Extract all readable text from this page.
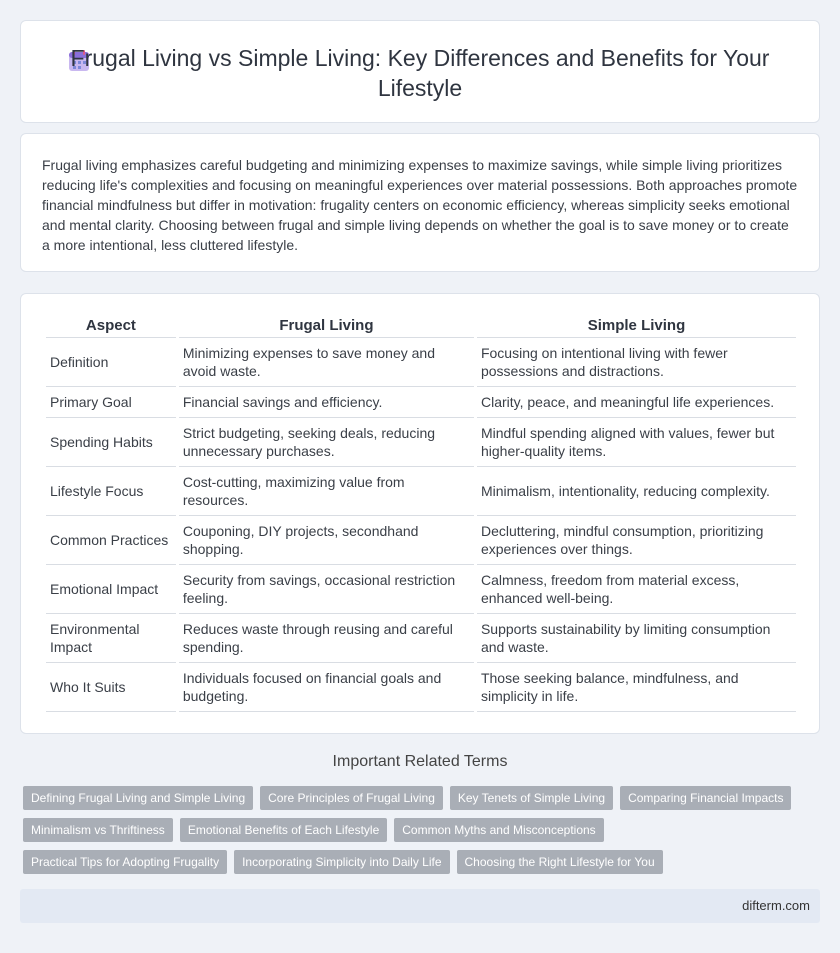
Frugal Living vs Simple Living: Key Differences and Benefits for Your Lifestyle

Frugal living emphasizes careful budgeting and minimizing expenses to maximize savings, while simple living prioritizes reducing life's complexities and focusing on meaningful experiences over material possessions. Both approaches promote financial mindfulness but differ in motivation: frugality centers on economic efficiency, whereas simplicity seeks emotional and mental clarity. Choosing between frugal and simple living depends on whether the goal is to save money or to create a more intentional, less cluttered lifestyle.

Aspect	Frugal Living	Simple Living
Definition	Minimizing expenses to save money and avoid waste.	Focusing on intentional living with fewer possessions and distractions.
Primary Goal	Financial savings and efficiency.	Clarity, peace, and meaningful life experiences.
Spending Habits	Strict budgeting, seeking deals, reducing unnecessary purchases.	Mindful spending aligned with values, fewer but higher-quality items.
Lifestyle Focus	Cost-cutting, maximizing value from resources.	Minimalism, intentionality, reducing complexity.
Common Practices	Couponing, DIY projects, secondhand shopping.	Decluttering, mindful consumption, prioritizing experiences over things.
Emotional Impact	Security from savings, occasional restriction feeling.	Calmness, freedom from material excess, enhanced well-being.
Environmental Impact	Reduces waste through reusing and careful spending.	Supports sustainability by limiting consumption and waste.
Who It Suits	Individuals focused on financial goals and budgeting.	Those seeking balance, mindfulness, and simplicity in life.
Important Related Terms
Defining Frugal Living and Simple Living	Core Principles of Frugal Living	Key Tenets of Simple Living	Comparing Financial Impacts
Minimalism vs Thriftiness	Emotional Benefits of Each Lifestyle	Common Myths and Misconceptions
Practical Tips for Adopting Frugality	Incorporating Simplicity into Daily Life	Choosing the Right Lifestyle for You
difterm.com
